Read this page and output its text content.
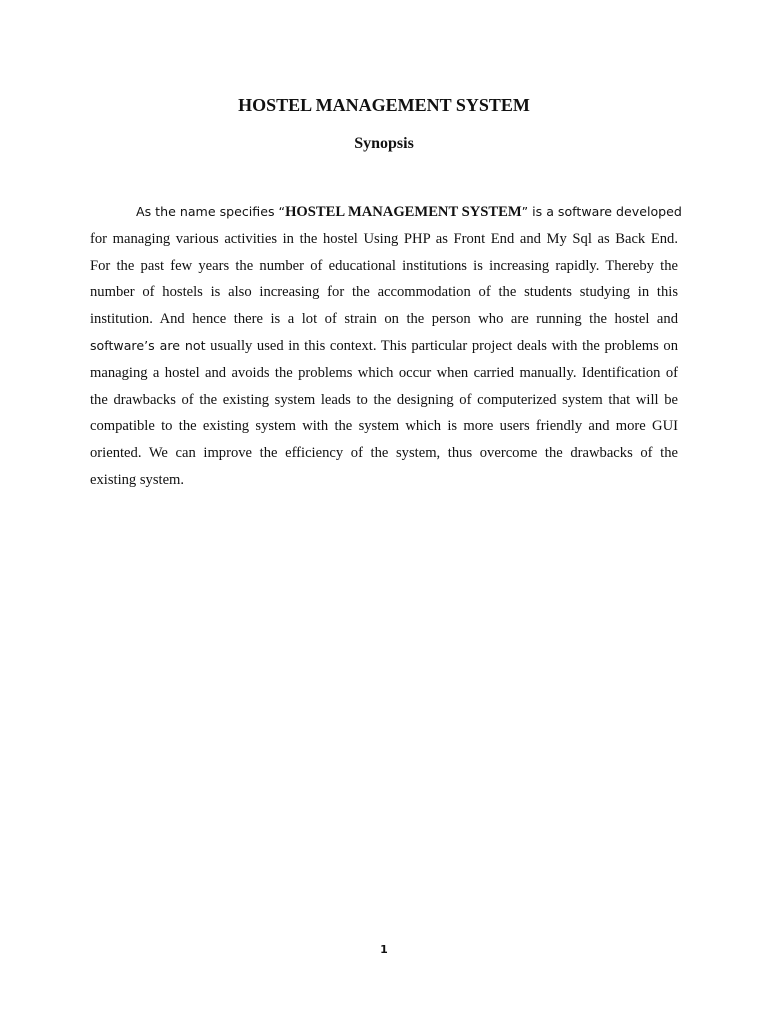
HOSTEL MANAGEMENT SYSTEM
Synopsis
As the name specifies “HOSTEL MANAGEMENT SYSTEM” is a software developed
for managing various activities in the hostel Using PHP as Front End and My Sql as Back End.
For the past few years the number of educational institutions is increasing rapidly. Thereby the
number of hostels is also increasing for the accommodation of the students studying in this
institution. And hence there is a lot of strain on the person who are running the hostel and
software’s are not usually used in this context. This particular project deals with the problems on
managing a hostel and avoids the problems which occur when carried manually. Identification of
the drawbacks of the existing system leads to the designing of computerized system that will be
compatible to the existing system with the system which is more users friendly and more GUI
oriented. We can improve the efficiency of the system, thus overcome the drawbacks of the
existing system.
1
